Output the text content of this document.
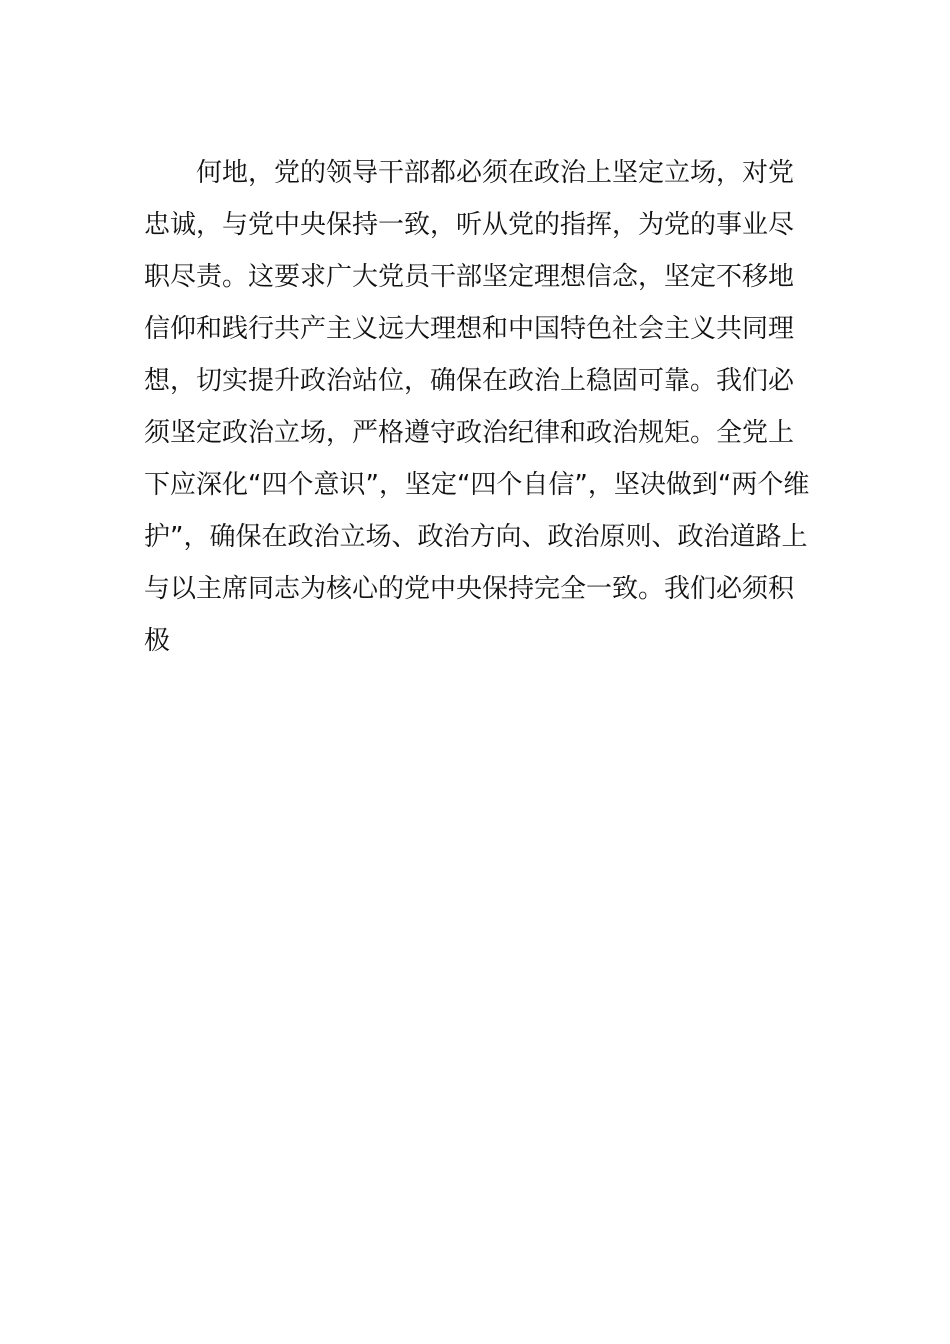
何地，党的领导干部都必须在政治上坚定立场，对党
忠诚，与党中央保持一致，听从党的指挥，为党的事业尽
职尽责。这要求广大党员干部坚定理想信念，坚定不移地
信仰和践行共产主义远大理想和中国特色社会主义共同理
想，切实提升政治站位，确保在政治上稳固可靠。我们必
须坚定政治立场，严格遵守政治纪律和政治规矩。全党上
下应深化“四个意识”，坚定“四个自信”，坚决做到“两个维
护”，确保在政治立场、政治方向、政治原则、政治道路上
与以主席同志为核心的党中央保持完全一致。我们必须积
极
